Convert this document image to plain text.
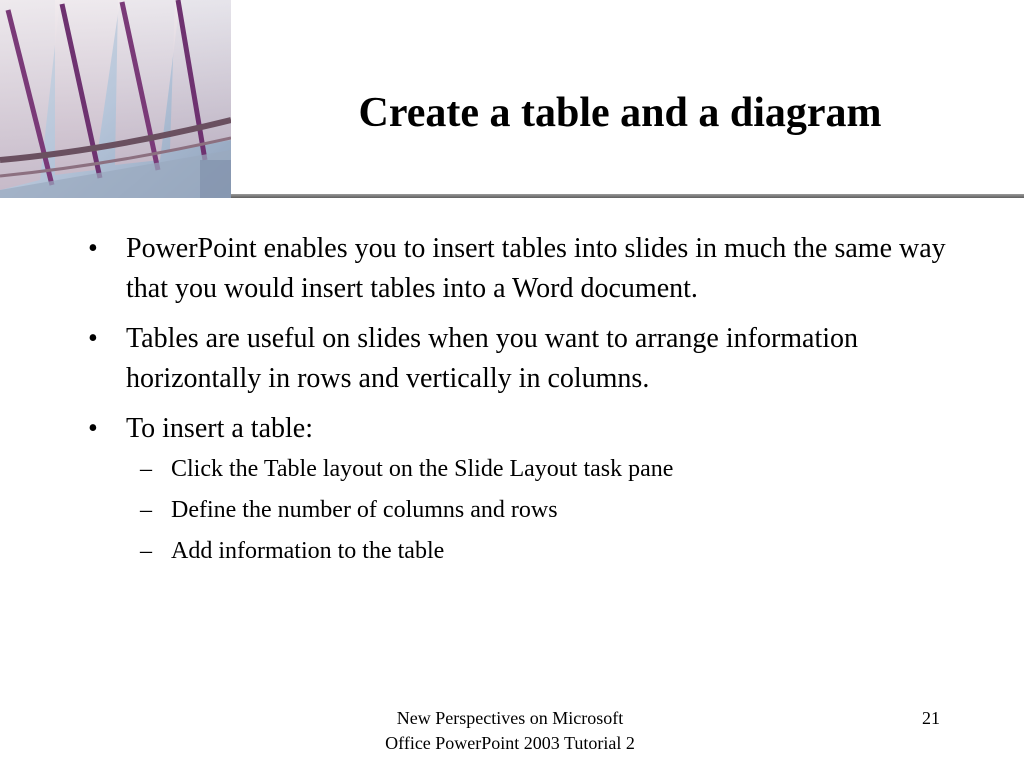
Create a table and a diagram
• PowerPoint enables you to insert tables into slides in much the same way that you would insert tables into a Word document.
• Tables are useful on slides when you want to arrange information horizontally in rows and vertically in columns.
• To insert a table:
– Click the Table layout on the Slide Layout task pane
– Define the number of columns and rows
– Add information to the table
New Perspectives on Microsoft
Office PowerPoint 2003 Tutorial 2
21
